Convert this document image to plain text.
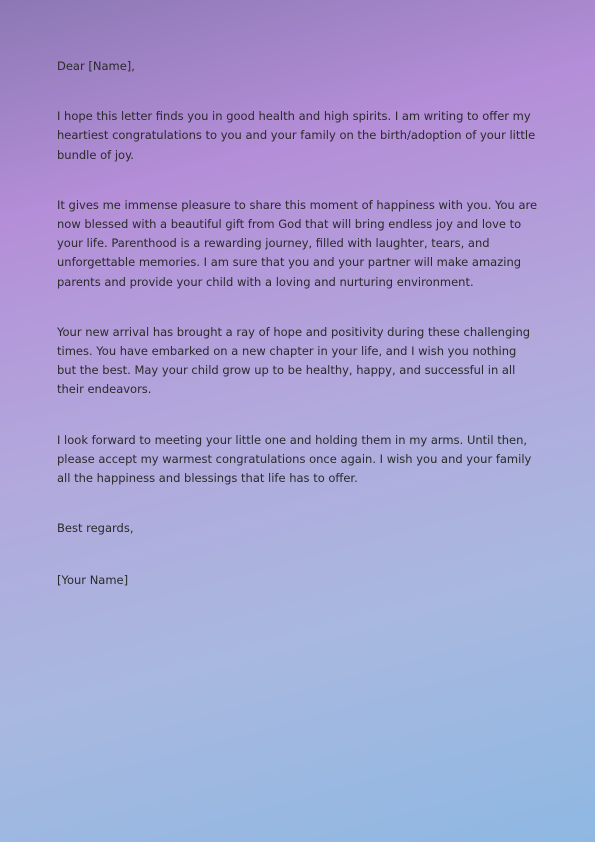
Dear [Name],

I hope this letter finds you in good health and high spirits. I am writing to offer my heartiest congratulations to you and your family on the birth/adoption of your little bundle of joy.

It gives me immense pleasure to share this moment of happiness with you. You are now blessed with a beautiful gift from God that will bring endless joy and love to your life. Parenthood is a rewarding journey, filled with laughter, tears, and unforgettable memories. I am sure that you and your partner will make amazing parents and provide your child with a loving and nurturing environment.

Your new arrival has brought a ray of hope and positivity during these challenging times. You have embarked on a new chapter in your life, and I wish you nothing but the best. May your child grow up to be healthy, happy, and successful in all their endeavors.

I look forward to meeting your little one and holding them in my arms. Until then, please accept my warmest congratulations once again. I wish you and your family all the happiness and blessings that life has to offer.

Best regards,

[Your Name]
